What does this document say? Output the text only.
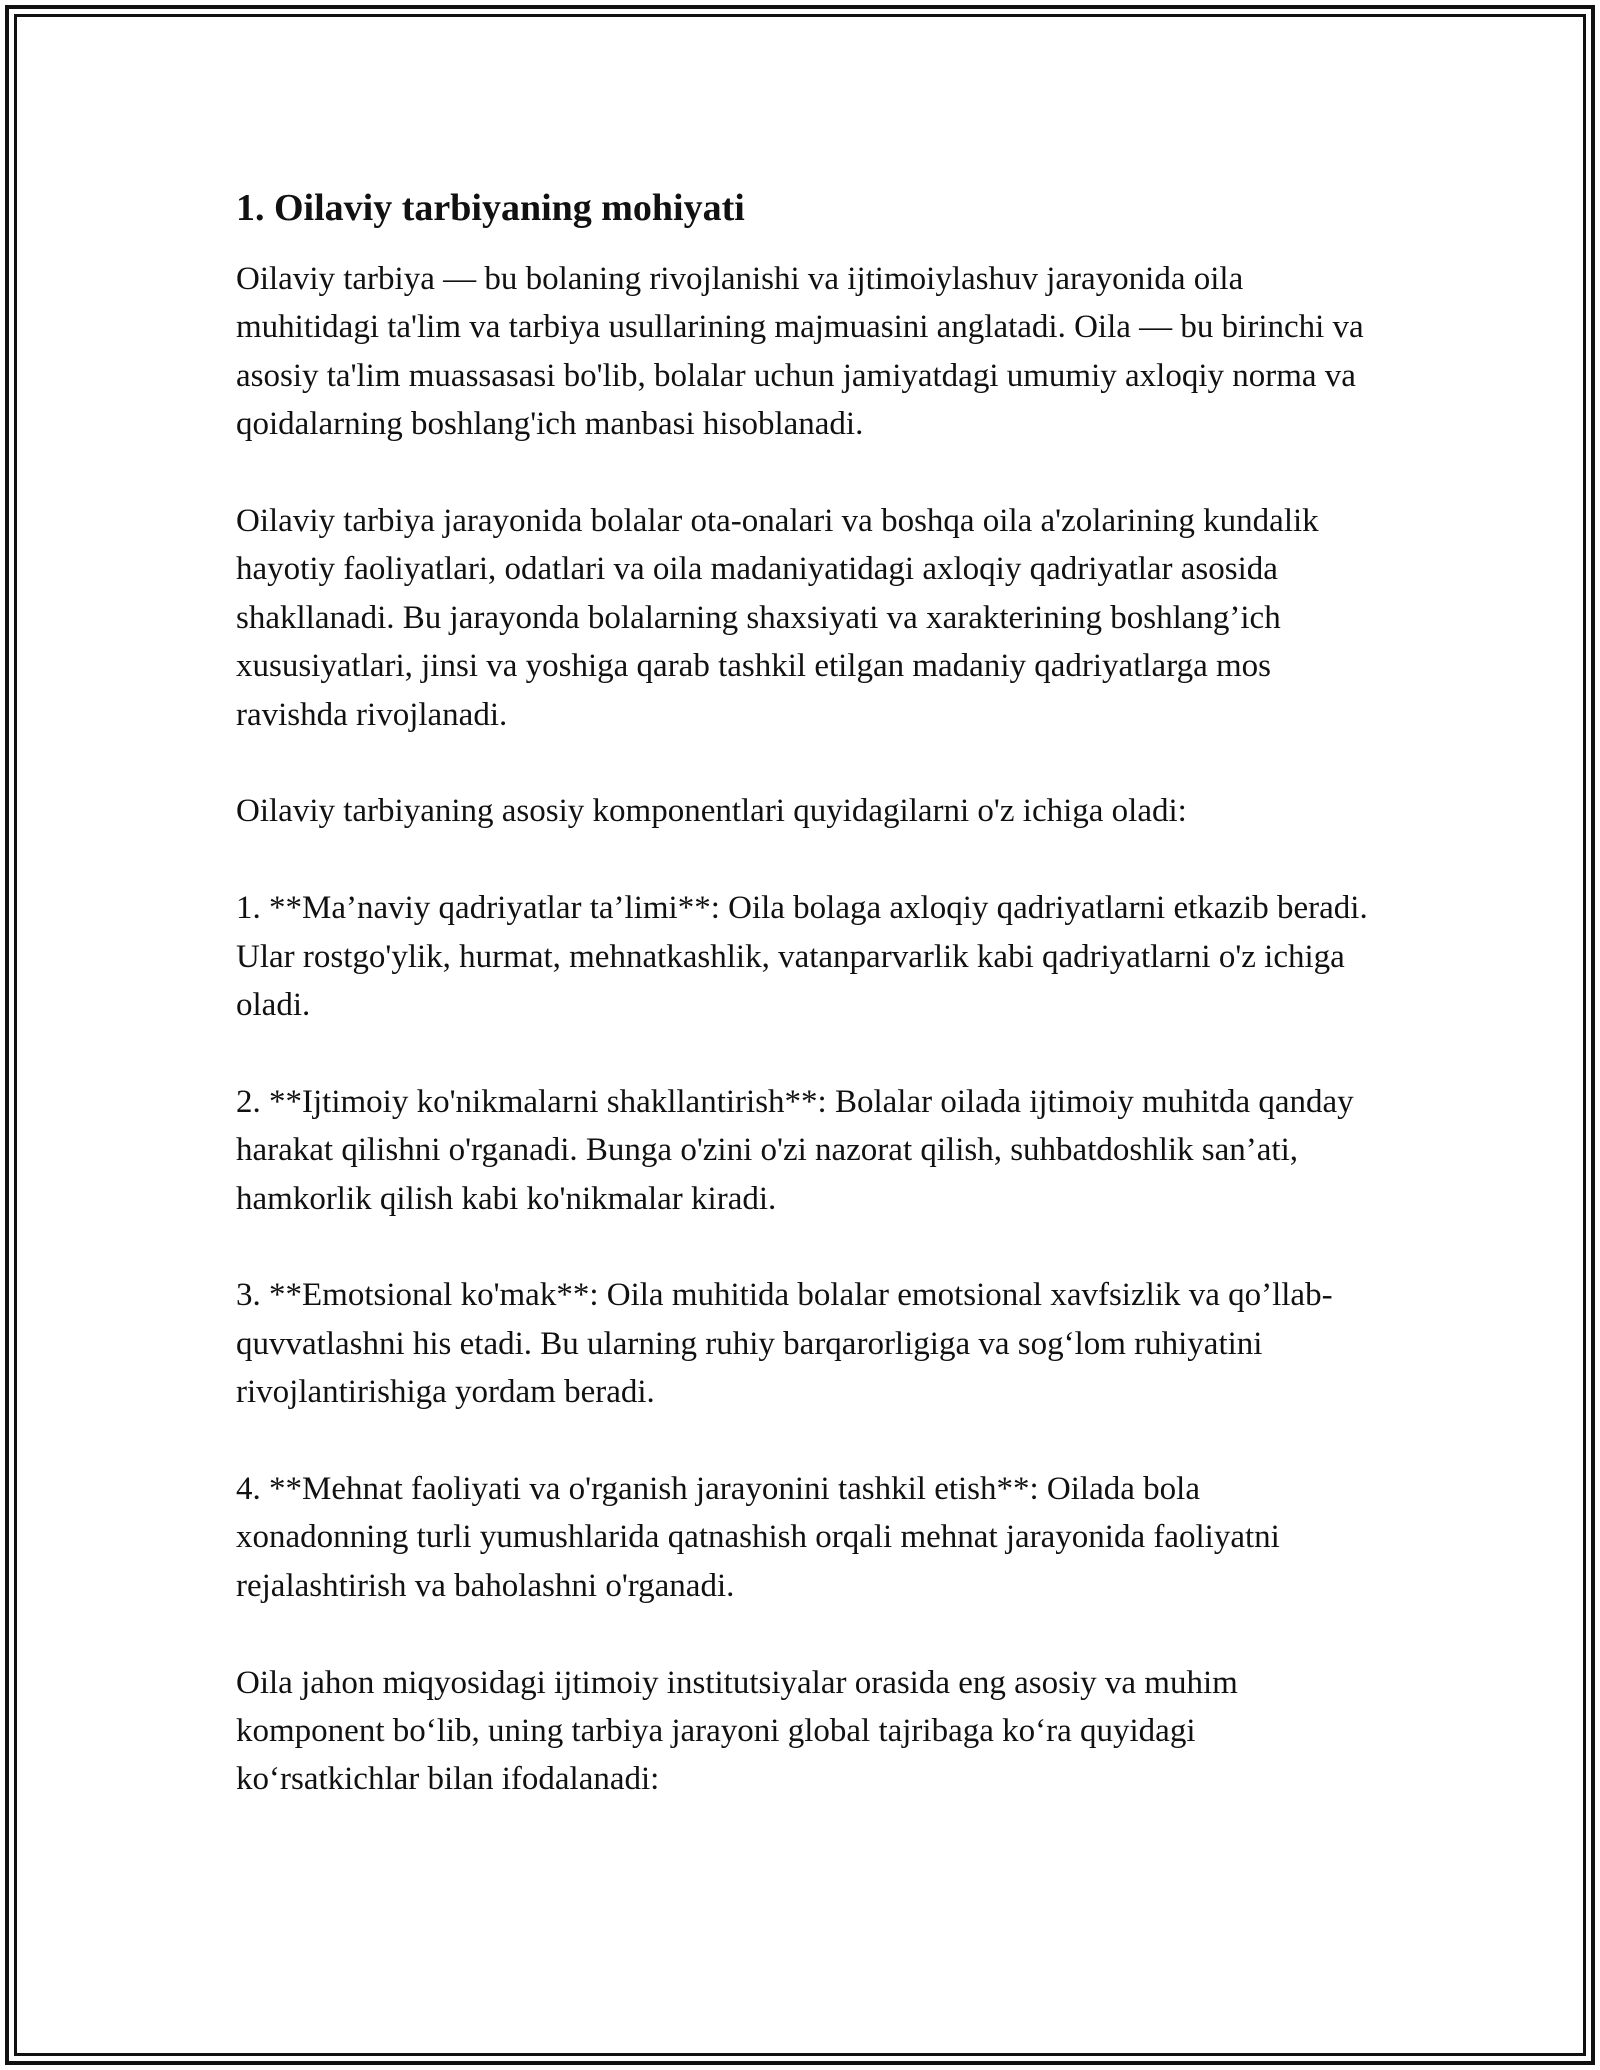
1. Oilaviy tarbiyaning mohiyati

Oilaviy tarbiya — bu bolaning rivojlanishi va ijtimoiylashuv jarayonida oila muhitidagi ta'lim va tarbiya usullarining majmuasini anglatadi. Oila — bu birinchi va asosiy ta'lim muassasasi bo'lib, bolalar uchun jamiyatdagi umumiy axloqiy norma va qoidalarning boshlang'ich manbasi hisoblanadi.

Oilaviy tarbiya jarayonida bolalar ota-onalari va boshqa oila a'zolarining kundalik hayotiy faoliyatlari, odatlari va oila madaniyatidagi axloqiy qadriyatlar asosida shakllanadi. Bu jarayonda bolalarning shaxsiyati va xarakterining boshlang’ich xususiyatlari, jinsi va yoshiga qarab tashkil etilgan madaniy qadriyatlarga mos ravishda rivojlanadi.

Oilaviy tarbiyaning asosiy komponentlari quyidagilarni o'z ichiga oladi:

1. **Ma’naviy qadriyatlar ta’limi**: Oila bolaga axloqiy qadriyatlarni etkazib beradi. Ular rostgo'ylik, hurmat, mehnatkashlik, vatanparvarlik kabi qadriyatlarni o'z ichiga oladi.

2. **Ijtimoiy ko'nikmalarni shakllantirish**: Bolalar oilada ijtimoiy muhitda qanday harakat qilishni o'rganadi. Bunga o'zini o'zi nazorat qilish, suhbatdoshlik san’ati, hamkorlik qilish kabi ko'nikmalar kiradi.

3. **Emotsional ko'mak**: Oila muhitida bolalar emotsional xavfsizlik va qo’llab-quvvatlashni his etadi. Bu ularning ruhiy barqarorligiga va sog‘lom ruhiyatini rivojlantirishiga yordam beradi.

4. **Mehnat faoliyati va o'rganish jarayonini tashkil etish**: Oilada bola xonadonning turli yumushlarida qatnashish orqali mehnat jarayonida faoliyatni rejalashtirish va baholashni o'rganadi.

Oila jahon miqyosidagi ijtimoiy institutsiyalar orasida eng asosiy va muhim komponent bo‘lib, uning tarbiya jarayoni global tajribaga ko‘ra quyidagi ko‘rsatkichlar bilan ifodalanadi:
